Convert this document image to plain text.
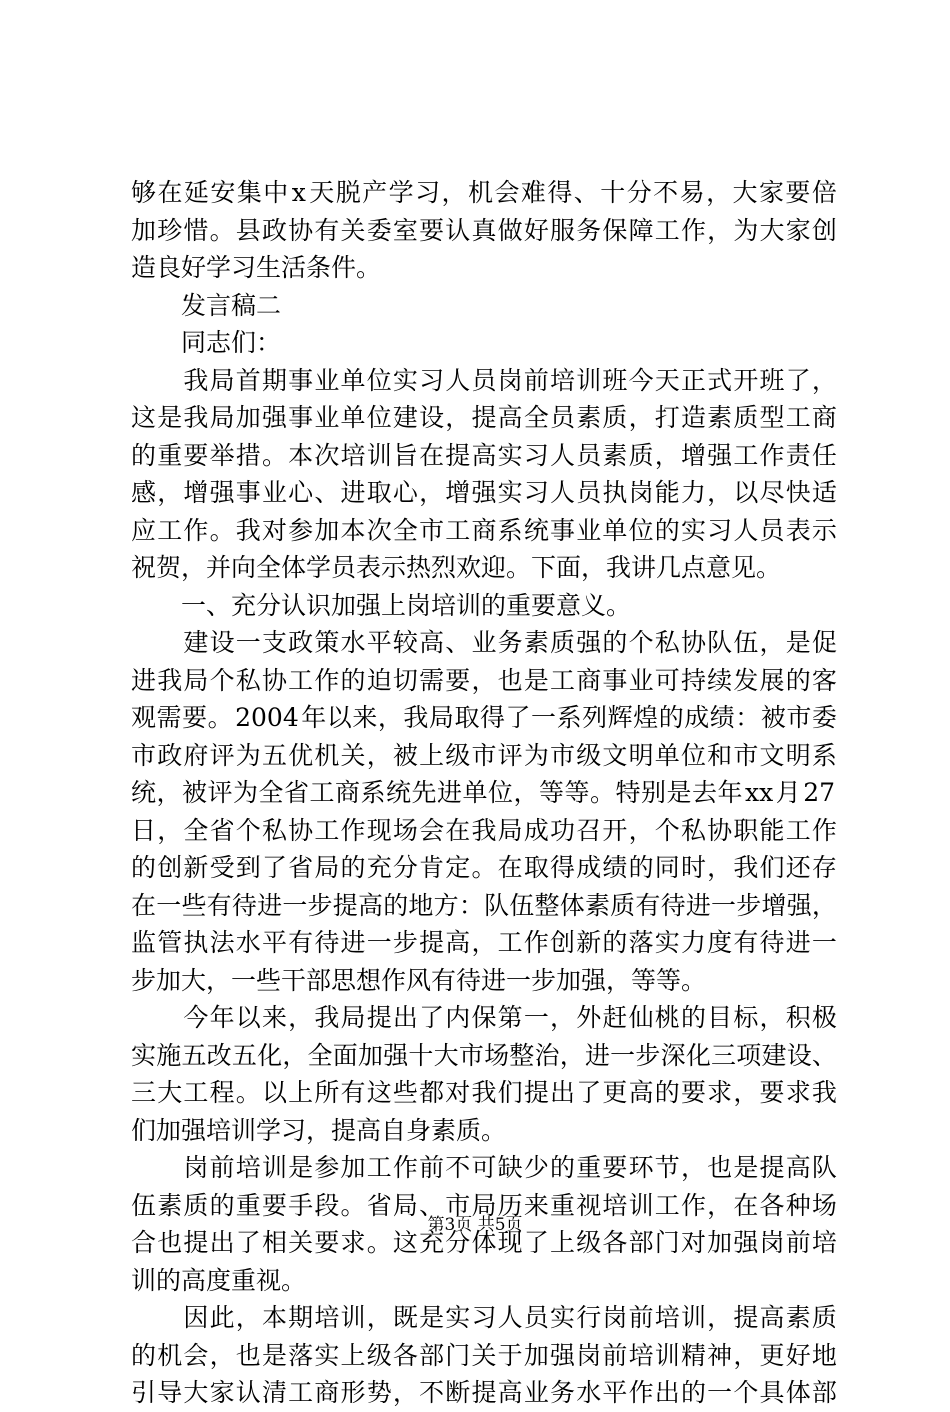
够 在 延 安 集 中 x 天 脱 产 学 习 ， 机 会 难 得 、 十 分 不 易 ， 大 家 要 倍
加 珍 惜 。 县 政 协 有 关 委 室 要 认 真 做 好 服 务 保 障 工 作 ， 为 大 家 创
造良好学习生活条件。
　　发言稿二
　　同志们：

我 局 首 期 事 业 单 位 实 习 人 员 岗 前 培 训 班 今 天 正 式 开 班 了 ，
这 是 我 局 加 强 事 业 单 位 建 设 ， 提 高 全 员 素 质 ， 打 造 素 质 型 工 商
的 重 要 举 措 。 本 次 培 训 旨 在 提 高 实 习 人 员 素 质 ， 增 强 工 作 责 任
感 ， 增 强 事 业 心 、 进 取 心 ， 增 强 实 习 人 员 执 岗 能 力 ， 以 尽 快 适
应 工 作 。 我 对 参 加 本 次 全 市 工 商 系 统 事 业 单 位 的 实 习 人 员 表 示
祝贺，并向全体学员表示热烈欢迎。下面，我讲几点意见。
　　一、充分认识加强上岗培训的重要意义。

建 设 一 支 政 策 水 平 较 高 、 业 务 素 质 强 的 个 私 协 队 伍 ， 是 促
进 我 局 个 私 协 工 作 的 迫 切 需 要 ， 也 是 工 商 事 业 可 持 续 发 展 的 客
观 需 要 。 2004 年 以 来 ， 我 局 取 得 了 一 系 列 辉 煌 的 成 绩 ： 被 市 委
市 政 府 评 为 五 优 机 关 ， 被 上 级 市 评 为 市 级 文 明 单 位 和 市 文 明 系
统 ， 被 评 为 全 省 工 商 系 统 先 进 单 位 ， 等 等 。 特 别 是 去 年 xx 月 27
日 ， 全 省 个 私 协 工 作 现 场 会 在 我 局 成 功 召 开 ， 个 私 协 职 能 工 作
的 创 新 受 到 了 省 局 的 充 分 肯 定 。 在 取 得 成 绩 的 同 时 ， 我 们 还 存
在 一 些 有 待 进 一 步 提 高 的 地 方 ： 队 伍 整 体 素 质 有 待 进 一 步 增 强 ，
监 管 执 法 水 平 有 待 进 一 步 提 高 ， 工 作 创 新 的 落 实 力 度 有 待 进 一
步加大，一些干部思想作风有待进一步加强，等等。

今 年 以 来 ， 我 局 提 出 了 内 保 第 一 ， 外 赶 仙 桃 的 目 标 ， 积 极
实 施 五 改 五 化 ， 全 面 加 强 十 大 市 场 整 治 ， 进 一 步 深 化 三 项 建 设 、
三 大 工 程 。 以 上 所 有 这 些 都 对 我 们 提 出 了 更 高 的 要 求 ， 要 求 我
们加强培训学习，提高自身素质。

岗 前 培 训 是 参 加 工 作 前 不 可 缺 少 的 重 要 环 节 ， 也 是 提 高 队
伍 素 质 的 重 要 手 段 。 省 局 、 市 局 历 来 重 视 培 训 工 作 ， 在 各 种 场
合 也 提 出 了 相 关 要 求 。 这 充 分 体 现 了 上 级 各 部 门 对 加 强 岗 前 培
训的高度重视。

因 此 ， 本 期 培 训 ， 既 是 实 习 人 员 实 行 岗 前 培 训 ， 提 高 素 质
的 机 会 ， 也 是 落 实 上 级 各 部 门 关 于 加 强 岗 前 培 训 精 神 ， 更 好 地
引 导 大 家 认 清 工 商 形 势 ， 不 断 提 高 业 务 水 平 作 出 的 一 个 具 体 部
第3页 共5页
